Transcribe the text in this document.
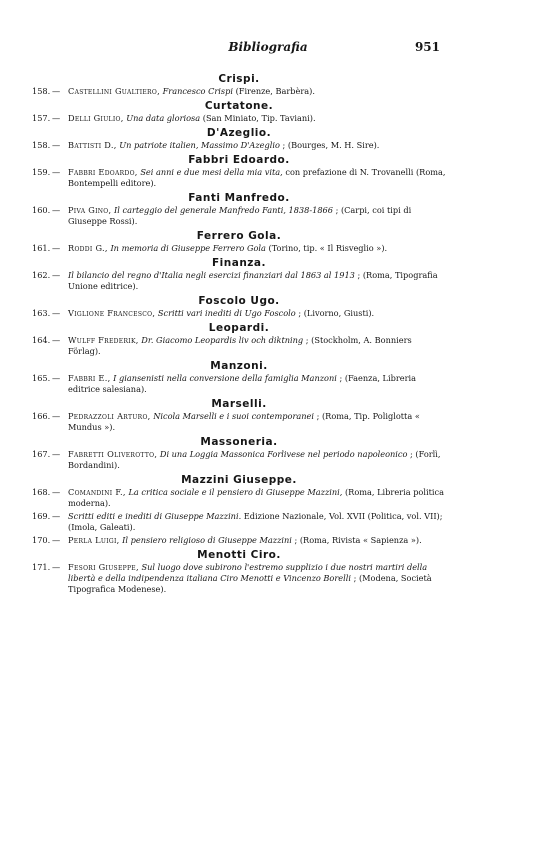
Bibliografia	951
Crispi.
158. — Castellini Gualtiero, Francesco Crispi (Firenze, Barbèra).
Curtatone.
157. — Delli Giulio, Una data gloriosa (San Miniato, Tip. Taviani).
D'Azeglio.
158. — Battisti D., Un patriote italien, Massimo D'Azeglio ; (Bourges, M. H. Sire).
Fabbri Edoardo.
159. — Fabbri Edoardo, Sei anni e due mesi della mia vita, con prefazione di N. Trovanelli (Roma, Bontempelli editore).
Fanti Manfredo.
160. — Piva Gino, Il carteggio del generale Manfredo Fanti, 1838-1866 ; (Carpi, coi tipi di Giuseppe Rossi).
Ferrero Gola.
161. — Roddi G., In memoria di Giuseppe Ferrero Gola (Torino, tip. « Il Risveglio »).
Finanza.
162. — Il bilancio del regno d'Italia negli esercizi finanziari dal 1863 al 1913 ; (Roma, Tipografia Unione editrice).
Foscolo Ugo.
163. — Viglione Francesco, Scritti vari inediti di Ugo Foscolo ; (Livorno, Giusti).
Leopardi.
164. — Wulff Frederik, Dr. Giacomo Leopardis liv och diktning ; (Stockholm, A. Bonniers Förlag).
Manzoni.
165. — Fabbri E., I giansenisti nella conversione della famiglia Manzoni ; (Faenza, Libreria editrice salesiana).
Marselli.
166. — Pedrazzoli Arturo, Nicola Marselli e i suoi contemporanei ; (Roma, Tip. Poliglotta « Mundus »).
Massoneria.
167. — Fabretti Oliverotto, Di una Loggia Massonica Forlivese nel periodo napoleonico ; (Forlì, Bordandini).
Mazzini Giuseppe.
168. — Comandini F., La critica sociale e il pensiero di Giuseppe Mazzini, (Roma, Libreria politica moderna).
169. — Scritti editi e inediti di Giuseppe Mazzini. Edizione Nazionale, Vol. XVII (Politica, vol. VII); (Imola, Galeati).
170. — Perla Luigi, Il pensiero religioso di Giuseppe Mazzini ; (Roma, Rivista « Sapienza »).
Menotti Ciro.
171. — Fesori Giuseppe, Sul luogo dove subirono l'estremo supplizio i due nostri martiri della libertà e della indipendenza italiana Ciro Menotti e Vincenzo Borelli ; (Modena, Società Tipografica Modenese).
